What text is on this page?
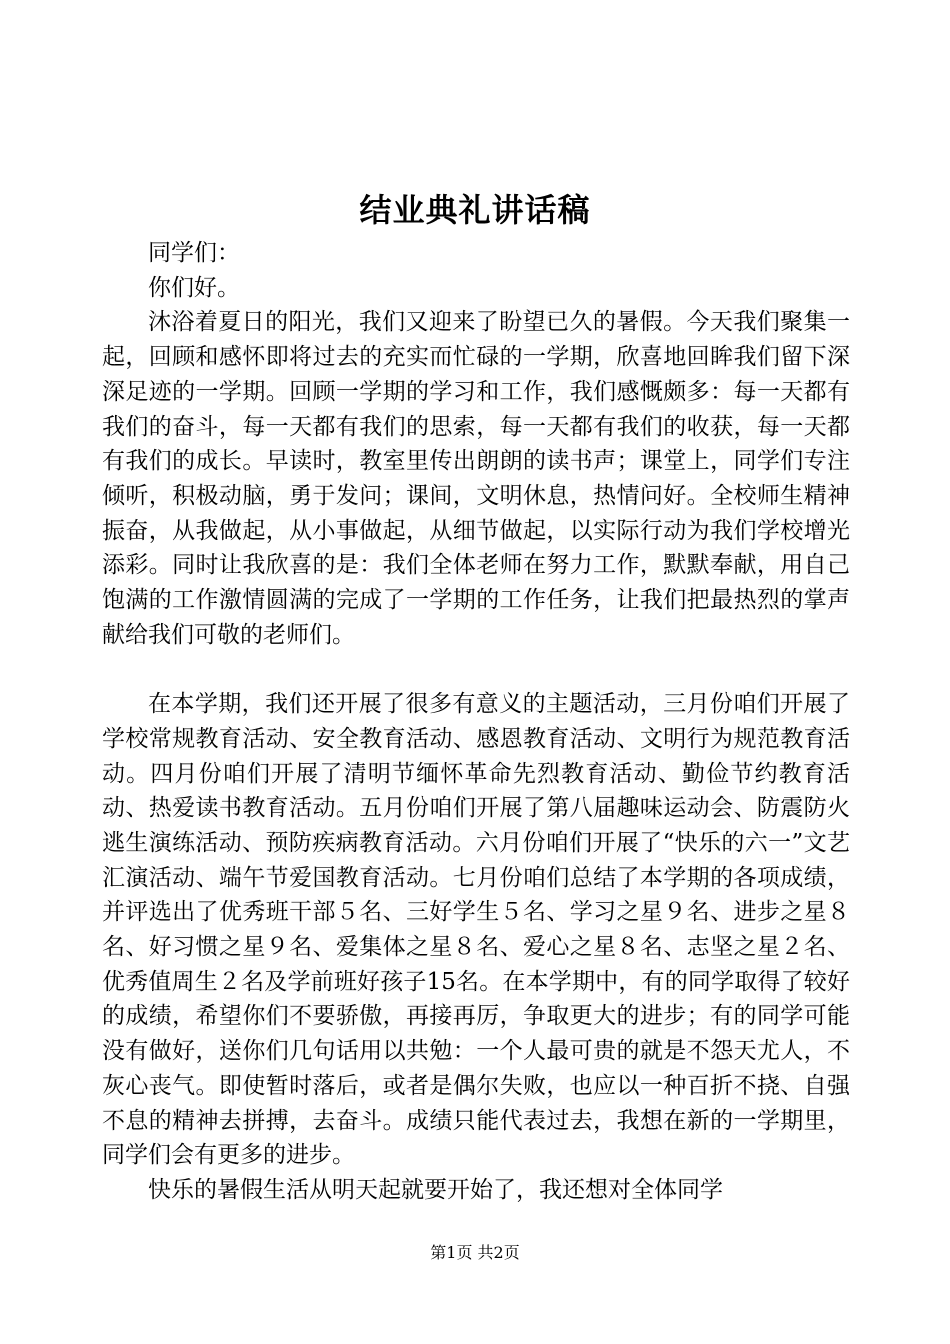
结业典礼讲话稿

同学们：

你们好。

沐浴着夏日的阳光，我们又迎来了盼望已久的暑假。今天我们聚集一起，回顾和感怀即将过去的充实而忙碌的一学期，欣喜地回眸我们留下深深足迹的一学期。回顾一学期的学习和工作，我们感慨颇多：每一天都有我们的奋斗，每一天都有我们的思索，每一天都有我们的收获，每一天都有我们的成长。早读时，教室里传出朗朗的读书声；课堂上，同学们专注倾听，积极动脑，勇于发问；课间，文明休息，热情问好。全校师生精神振奋，从我做起，从小事做起，从细节做起，以实际行动为我们学校增光添彩。同时让我欣喜的是：我们全体老师在努力工作，默默奉献，用自己饱满的工作激情圆满的完成了一学期的工作任务，让我们把最热烈的掌声献给我们可敬的老师们。

在本学期，我们还开展了很多有意义的主题活动，三月份咱们开展了学校常规教育活动、安全教育活动、感恩教育活动、文明行为规范教育活动。四月份咱们开展了清明节缅怀革命先烈教育活动、勤俭节约教育活动、热爱读书教育活动。五月份咱们开展了第八届趣味运动会、防震防火逃生演练活动、预防疾病教育活动。六月份咱们开展了“快乐的六一”文艺汇演活动、端午节爱国教育活动。七月份咱们总结了本学期的各项成绩，并评选出了优秀班干部５名、三好学生５名、学习之星９名、进步之星８名、好习惯之星９名、爱集体之星８名、爱心之星８名、志坚之星２名、优秀值周生２名及学前班好孩子15名。在本学期中，有的同学取得了较好的成绩，希望你们不要骄傲，再接再厉，争取更大的进步；有的同学可能没有做好，送你们几句话用以共勉：一个人最可贵的就是不怨天尤人，不灰心丧气。即使暂时落后，或者是偶尔失败，也应以一种百折不挠、自强不息的精神去拼搏，去奋斗。成绩只能代表过去，我想在新的一学期里，同学们会有更多的进步。

快乐的暑假生活从明天起就要开始了，我还想对全体同学

第1页 共2页
